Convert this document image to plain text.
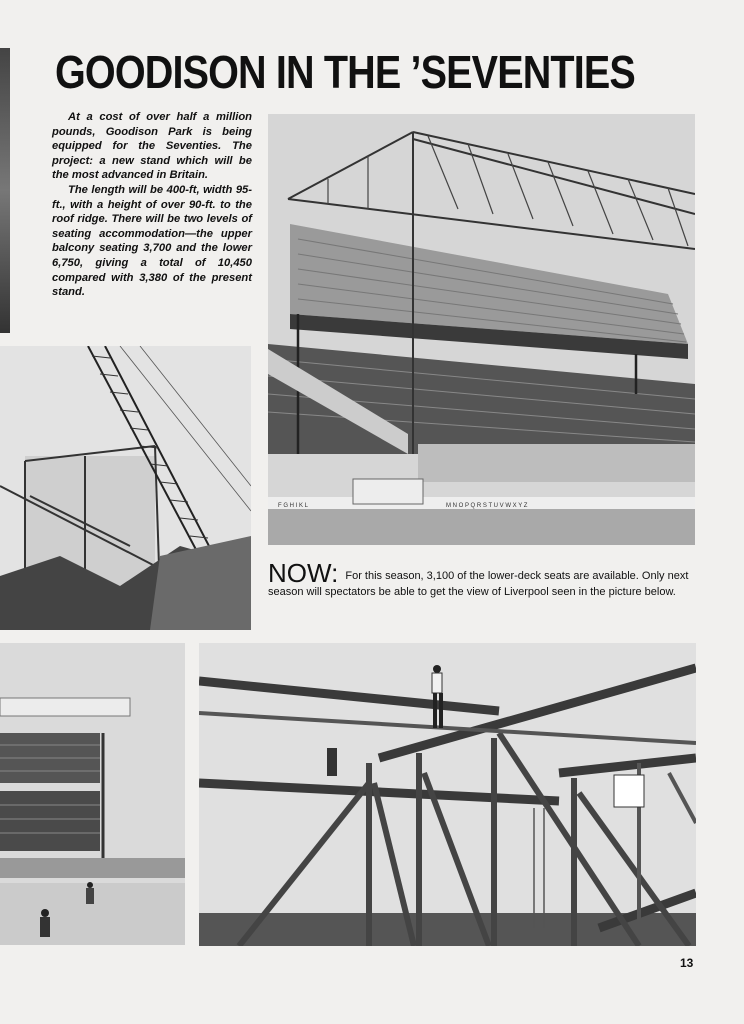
GOODISON IN THE ’SEVENTIES

At a cost of over half a million pounds, Goodison Park is being equipped for the Seventies. The project: a new stand which will be the most advanced in Britain.

The length will be 400-ft, width 95-ft., with a height of over 90-ft. to the roof ridge. There will be two levels of seating accommodation—the upper balcony seating 3,700 and the lower 6,750, giving a total of 10,450 compared with 3,380 of the present stand.

F G H I K L	M N O P Q R S T U V W X Y Z
NOW: For this season, 3,100 of the lower-deck seats are available. Only next season will spectators be able to get the view of Liverpool seen in the picture below.
13
